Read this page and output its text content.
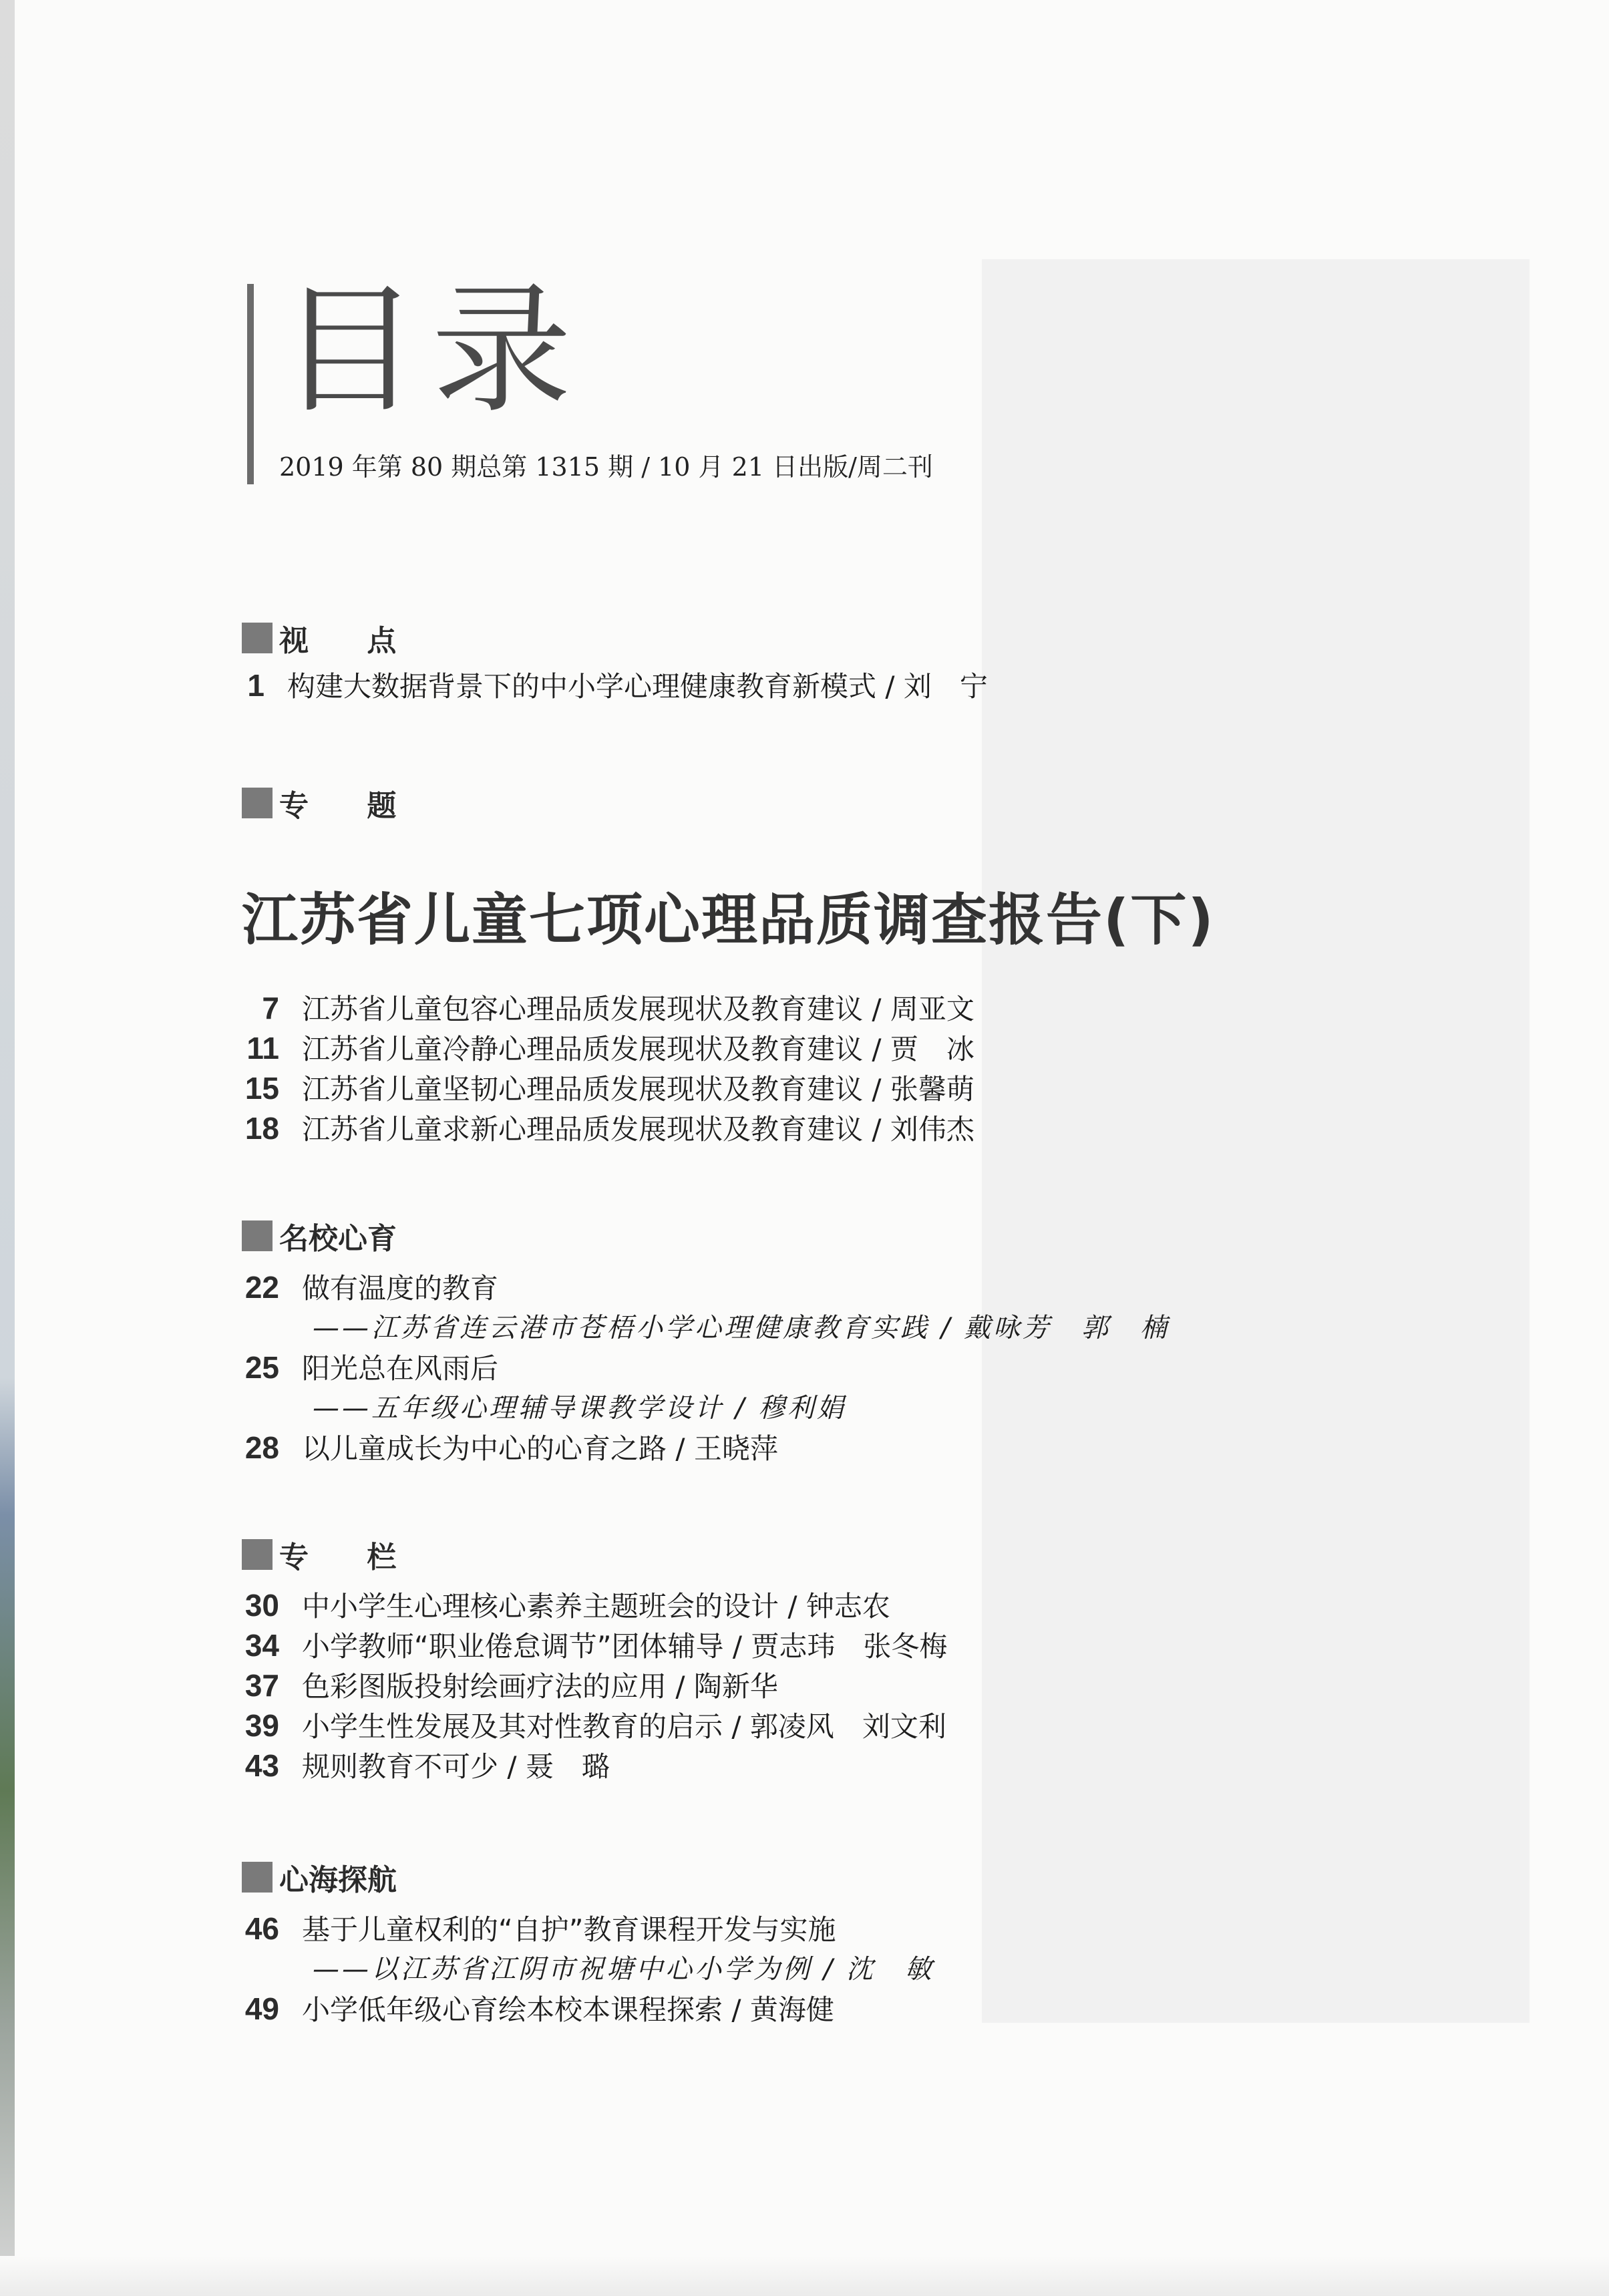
目录
2019 年第 80 期总第 1315 期 / 10 月 21 日出版/周二刊
视 点
1 构建大数据背景下的中小学心理健康教育新模式 / 刘　宁
专 题
江苏省儿童七项心理品质调查报告(下)
7 江苏省儿童包容心理品质发展现状及教育建议 / 周亚文
11 江苏省儿童冷静心理品质发展现状及教育建议 / 贾　冰
15 江苏省儿童坚韧心理品质发展现状及教育建议 / 张馨萌
18 江苏省儿童求新心理品质发展现状及教育建议 / 刘伟杰
名校心育
22 做有温度的教育
——江苏省连云港市苍梧小学心理健康教育实践 / 戴咏芳　郭　楠
25 阳光总在风雨后
——五年级心理辅导课教学设计 / 穆利娟
28 以儿童成长为中心的心育之路 / 王晓萍
专 栏
30 中小学生心理核心素养主题班会的设计 / 钟志农
34 小学教师“职业倦怠调节”团体辅导 / 贾志玮　张冬梅
37 色彩图版投射绘画疗法的应用 / 陶新华
39 小学生性发展及其对性教育的启示 / 郭凌风　刘文利
43 规则教育不可少 / 聂　璐
心海探航
46 基于儿童权利的“自护”教育课程开发与实施
——以江苏省江阴市祝塘中心小学为例 / 沈　敏
49 小学低年级心育绘本校本课程探索 / 黄海健
